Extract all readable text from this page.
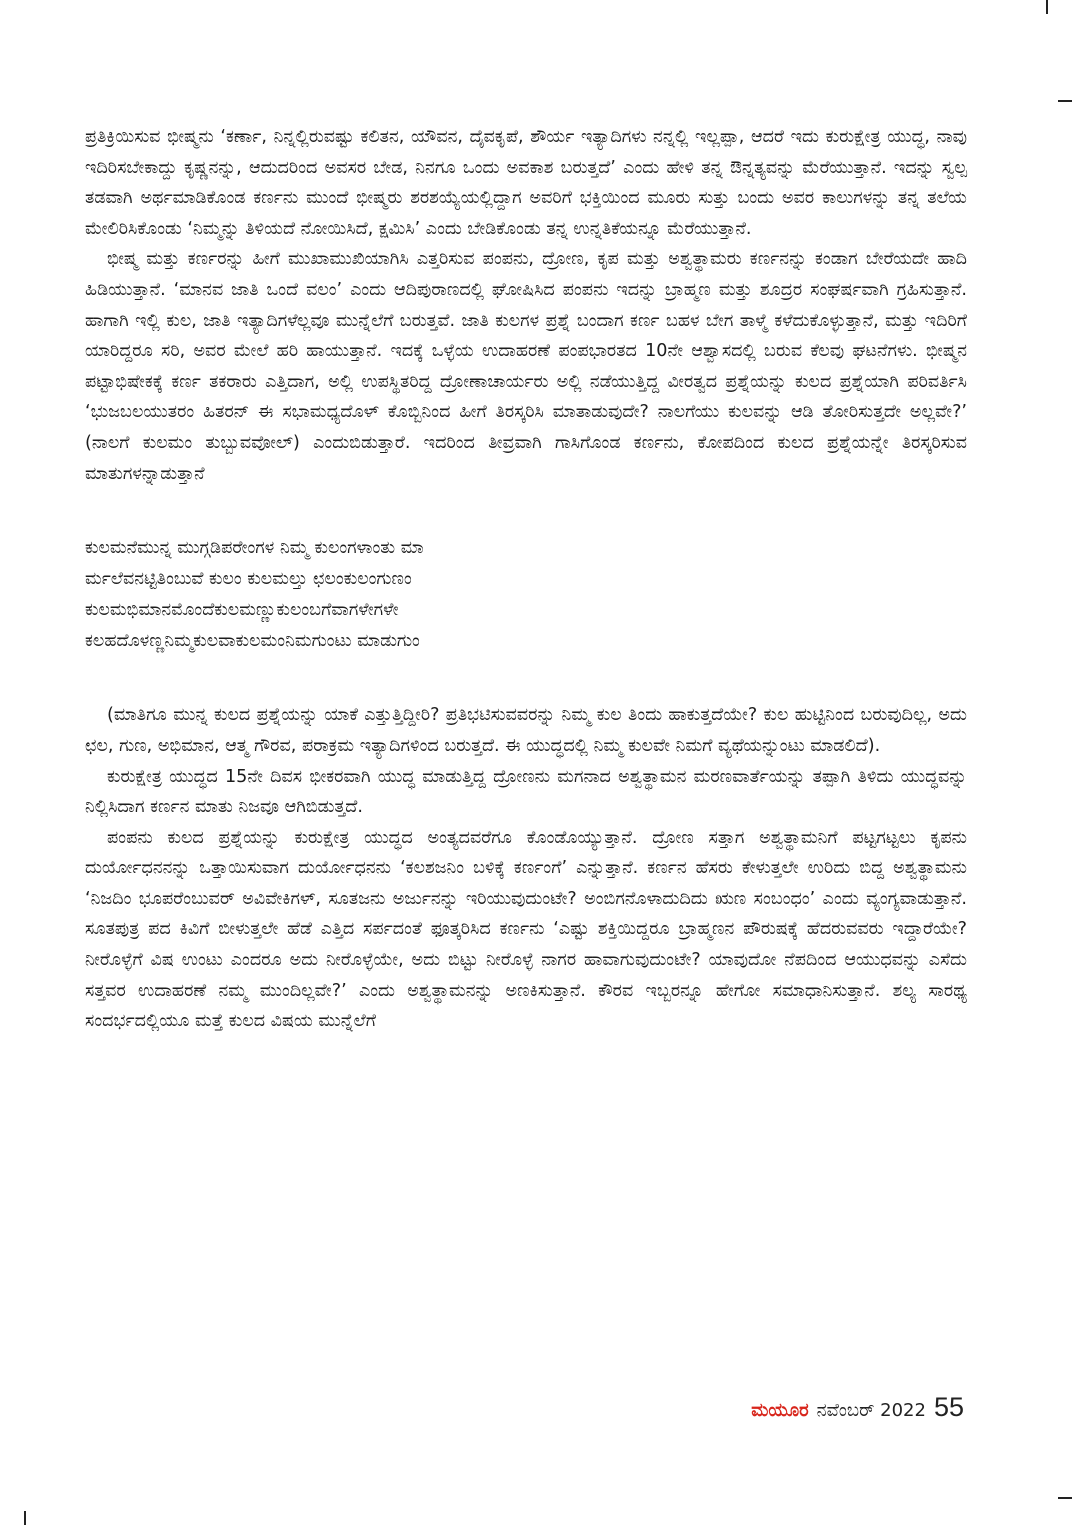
ಪ್ರತಿಕ್ರಿಯಿಸುವ ಭೀಷ್ಮನು ‘ಕರ್ಣಾ, ನಿನ್ನಲ್ಲಿರುವಷ್ಟು ಕಲಿತನ, ಯೌವನ, ದೈವಕೃಪೆ, ಶೌರ್ಯ ಇತ್ಯಾದಿಗಳು ನನ್ನಲ್ಲಿ ಇಲ್ಲಪ್ಪಾ, ಆದರೆ ಇದು ಕುರುಕ್ಷೇತ್ರ ಯುದ್ಧ, ನಾವು ಇದಿರಿಸಬೇಕಾದ್ದು ಕೃಷ್ಣನನ್ನು, ಆದುದರಿಂದ ಅವಸರ ಬೇಡ, ನಿನಗೂ ಒಂದು ಅವಕಾಶ ಬರುತ್ತದೆ’ ಎಂದು ಹೇಳಿ ತನ್ನ ಔನ್ನತ್ಯವನ್ನು ಮೆರೆಯುತ್ತಾನೆ. ಇದನ್ನು ಸ್ವಲ್ಪ ತಡವಾಗಿ ಅರ್ಥಮಾಡಿಕೊಂಡ ಕರ್ಣನು ಮುಂದೆ ಭೀಷ್ಮರು ಶರಶಯ್ಯೆಯಲ್ಲಿದ್ದಾಗ ಅವರಿಗೆ ಭಕ್ತಿಯಿಂದ ಮೂರು ಸುತ್ತು ಬಂದು ಅವರ ಕಾಲುಗಳನ್ನು ತನ್ನ ತಲೆಯ ಮೇಲಿರಿಸಿಕೊಂಡು ‘ನಿಮ್ಮನ್ನು ತಿಳಿಯದೆ ನೋಯಿಸಿದೆ, ಕ್ಷಮಿಸಿ’ ಎಂದು ಬೇಡಿಕೊಂಡು ತನ್ನ ಉನ್ನತಿಕೆಯನ್ನೂ ಮೆರೆಯುತ್ತಾನೆ.

ಭೀಷ್ಮ ಮತ್ತು ಕರ್ಣರನ್ನು ಹೀಗೆ ಮುಖಾಮುಖಿಯಾಗಿಸಿ ಎತ್ತರಿಸುವ ಪಂಪನು, ದ್ರೋಣ, ಕೃಪ ಮತ್ತು ಅಶ್ವತ್ಥಾಮರು ಕರ್ಣನನ್ನು ಕಂಡಾಗ ಬೇರೆಯದೇ ಹಾದಿ ಹಿಡಿಯುತ್ತಾನೆ. ‘ಮಾನವ ಜಾತಿ ಒಂದೆ ವಲಂ’ ಎಂದು ಆದಿಪುರಾಣದಲ್ಲಿ ಘೋಷಿಸಿದ ಪಂಪನು ಇದನ್ನು ಬ್ರಾಹ್ಮಣ ಮತ್ತು ಶೂದ್ರರ ಸಂಘರ್ಷವಾಗಿ ಗ್ರಹಿಸುತ್ತಾನೆ. ಹಾಗಾಗಿ ಇಲ್ಲಿ ಕುಲ, ಜಾತಿ ಇತ್ಯಾದಿಗಳೆಲ್ಲವೂ ಮುನ್ನೆಲೆಗೆ ಬರುತ್ತವೆ. ಜಾತಿ ಕುಲಗಳ ಪ್ರಶ್ನೆ ಬಂದಾಗ ಕರ್ಣ ಬಹಳ ಬೇಗ ತಾಳ್ಮೆ ಕಳೆದುಕೊಳ್ಳುತ್ತಾನೆ, ಮತ್ತು ಇದಿರಿಗೆ ಯಾರಿದ್ದರೂ ಸರಿ, ಅವರ ಮೇಲೆ ಹರಿ ಹಾಯುತ್ತಾನೆ. ಇದಕ್ಕೆ ಒಳ್ಳೆಯ ಉದಾಹರಣೆ ಪಂಪಭಾರತದ 10ನೇ ಆಶ್ವಾಸದಲ್ಲಿ ಬರುವ ಕೆಲವು ಘಟನೆಗಳು. ಭೀಷ್ಮನ ಪಟ್ಟಾಭಿಷೇಕಕ್ಕೆ ಕರ್ಣ ತಕರಾರು ಎತ್ತಿದಾಗ, ಅಲ್ಲಿ ಉಪಸ್ಥಿತರಿದ್ದ ದ್ರೋಣಾಚಾರ್ಯರು ಅಲ್ಲಿ ನಡೆಯುತ್ತಿದ್ದ ವೀರತ್ವದ ಪ್ರಶ್ನೆಯನ್ನು ಕುಲದ ಪ್ರಶ್ನೆಯಾಗಿ ಪರಿವರ್ತಿಸಿ ‘ಭುಜಬಲಯುತರಂ ಹಿತರನ್ ಈ ಸಭಾಮಧ್ಯದೊಳ್ ಕೊಬ್ಬಿನಿಂದ ಹೀಗೆ ತಿರಸ್ಕರಿಸಿ ಮಾತಾಡುವುದೇ? ನಾಲಗೆಯು ಕುಲವನ್ನು ಆಡಿ ತೋರಿಸುತ್ತದೇ ಅಲ್ಲವೇ?’ (ನಾಲಗೆ ಕುಲಮಂ ತುಬ್ಬುವವೋಲ್) ಎಂದುಬಿಡುತ್ತಾರೆ. ಇದರಿಂದ ತೀವ್ರವಾಗಿ ಗಾಸಿಗೊಂಡ ಕರ್ಣನು, ಕೋಪದಿಂದ ಕುಲದ ಪ್ರಶ್ನೆಯನ್ನೇ ತಿರಸ್ಕರಿಸುವ ಮಾತುಗಳನ್ನಾಡುತ್ತಾನೆ

ಕುಲಮನೆಮುನ್ನ ಮುಗ್ಗಡಿಪರೇಂಗಳ ನಿಮ್ಮ ಕುಲಂಗಳಾಂತು ಮಾ
ರ್ಮಲೆವನಟ್ಟಿತಿಂಬುವೆ ಕುಲಂ ಕುಲಮಲ್ತು ಛಲಂಕುಲಂಗುಣಂ
ಕುಲಮಭಿಮಾನಮೊಂದೆಕುಲಮಣ್ಣುಕುಲಂಬಗೆವಾಗಳೇಗಳೇ
ಕಲಹದೊಳಣ್ಣನಿಮ್ಮಕುಲವಾಕುಲಮಂನಿಮಗುಂಟು ಮಾಡುಗುಂ

(ಮಾತಿಗೂ ಮುನ್ನ ಕುಲದ ಪ್ರಶ್ನೆಯನ್ನು ಯಾಕೆ ಎತ್ತುತ್ತಿದ್ದೀರಿ? ಪ್ರತಿಭಟಿಸುವವರನ್ನು ನಿಮ್ಮ ಕುಲ ತಿಂದು ಹಾಕುತ್ತದೆಯೇ? ಕುಲ ಹುಟ್ಟಿನಿಂದ ಬರುವುದಿಲ್ಲ, ಅದು ಛಲ, ಗುಣ, ಅಭಿಮಾನ, ಆತ್ಮ ಗೌರವ, ಪರಾಕ್ರಮ ಇತ್ಯಾದಿಗಳಿಂದ ಬರುತ್ತದೆ. ಈ ಯುದ್ಧದಲ್ಲಿ ನಿಮ್ಮ ಕುಲವೇ ನಿಮಗೆ ವ್ಯಥೆಯನ್ನುಂಟು ಮಾಡಲಿದೆ).

ಕುರುಕ್ಷೇತ್ರ ಯುದ್ಧದ 15ನೇ ದಿವಸ ಭೀಕರವಾಗಿ ಯುದ್ಧ ಮಾಡುತ್ತಿದ್ದ ದ್ರೋಣನು ಮಗನಾದ ಅಶ್ವತ್ಥಾಮನ ಮರಣವಾರ್ತೆಯನ್ನು ತಪ್ಪಾಗಿ ತಿಳಿದು ಯುದ್ಧವನ್ನು ನಿಲ್ಲಿಸಿದಾಗ ಕರ್ಣನ ಮಾತು ನಿಜವೂ ಆಗಿಬಿಡುತ್ತದೆ.

ಪಂಪನು ಕುಲದ ಪ್ರಶ್ನೆಯನ್ನು ಕುರುಕ್ಷೇತ್ರ ಯುದ್ಧದ ಅಂತ್ಯದವರೆಗೂ ಕೊಂಡೊಯ್ಯುತ್ತಾನೆ. ದ್ರೋಣ ಸತ್ತಾಗ ಅಶ್ವತ್ಥಾಮನಿಗೆ ಪಟ್ಟಗಟ್ಟಲು ಕೃಪನು ದುರ್ಯೋಧನನನ್ನು ಒತ್ತಾಯಿಸುವಾಗ ದುರ್ಯೋಧನನು ‘ಕಲಶಜನಿಂ ಬಳಿಕ್ಕೆ ಕರ್ಣಂಗೆ’ ಎನ್ನುತ್ತಾನೆ. ಕರ್ಣನ ಹೆಸರು ಕೇಳುತ್ತಲೇ ಉರಿದು ಬಿದ್ದ ಅಶ್ವತ್ಥಾಮನು ‘ನಿಜದಿಂ ಭೂಪರೆಂಬುವರ್ ಅವಿವೇಕಿಗಳ್, ಸೂತಜನು ಅರ್ಜುನನ್ನು ಇರಿಯುವುದುಂಟೇ? ಅಂಬಿಗನೊಳಾದುದಿದು ಋಣ ಸಂಬಂಧಂ’ ಎಂದು ವ್ಯಂಗ್ಯವಾಡುತ್ತಾನೆ. ಸೂತಪುತ್ರ ಪದ ಕಿವಿಗೆ ಬೀಳುತ್ತಲೇ ಹೆಡೆ ಎತ್ತಿದ ಸರ್ಪದಂತೆ ಫೂತ್ಕರಿಸಿದ ಕರ್ಣನು ‘ಎಷ್ಟು ಶಕ್ತಿಯಿದ್ದರೂ ಬ್ರಾಹ್ಮಣನ ಪೌರುಷಕ್ಕೆ ಹೆದರುವವರು ಇದ್ದಾರೆಯೇ? ನೀರೊಳ್ಳೆಗೆ ವಿಷ ಉಂಟು ಎಂದರೂ ಅದು ನೀರೊಳ್ಳೆಯೇ, ಅದು ಬಿಟ್ಟು ನೀರೊಳ್ಳೆ ನಾಗರ ಹಾವಾಗುವುದುಂಟೇ? ಯಾವುದೋ ನೆಪದಿಂದ ಆಯುಧವನ್ನು ಎಸೆದು ಸತ್ತವರ ಉದಾಹರಣೆ ನಮ್ಮ ಮುಂದಿಲ್ಲವೇ?’ ಎಂದು ಅಶ್ವತ್ಥಾಮನನ್ನು ಅಣಕಿಸುತ್ತಾನೆ. ಕೌರವ ಇಬ್ಬರನ್ನೂ ಹೇಗೋ ಸಮಾಧಾನಿಸುತ್ತಾನೆ. ಶಲ್ಯ ಸಾರಥ್ಯ ಸಂದರ್ಭದಲ್ಲಿಯೂ ಮತ್ತೆ ಕುಲದ ವಿಷಯ ಮುನ್ನೆಲೆಗೆ

ಮಯೂರ ನವೆಂಬರ್ 2022 55
